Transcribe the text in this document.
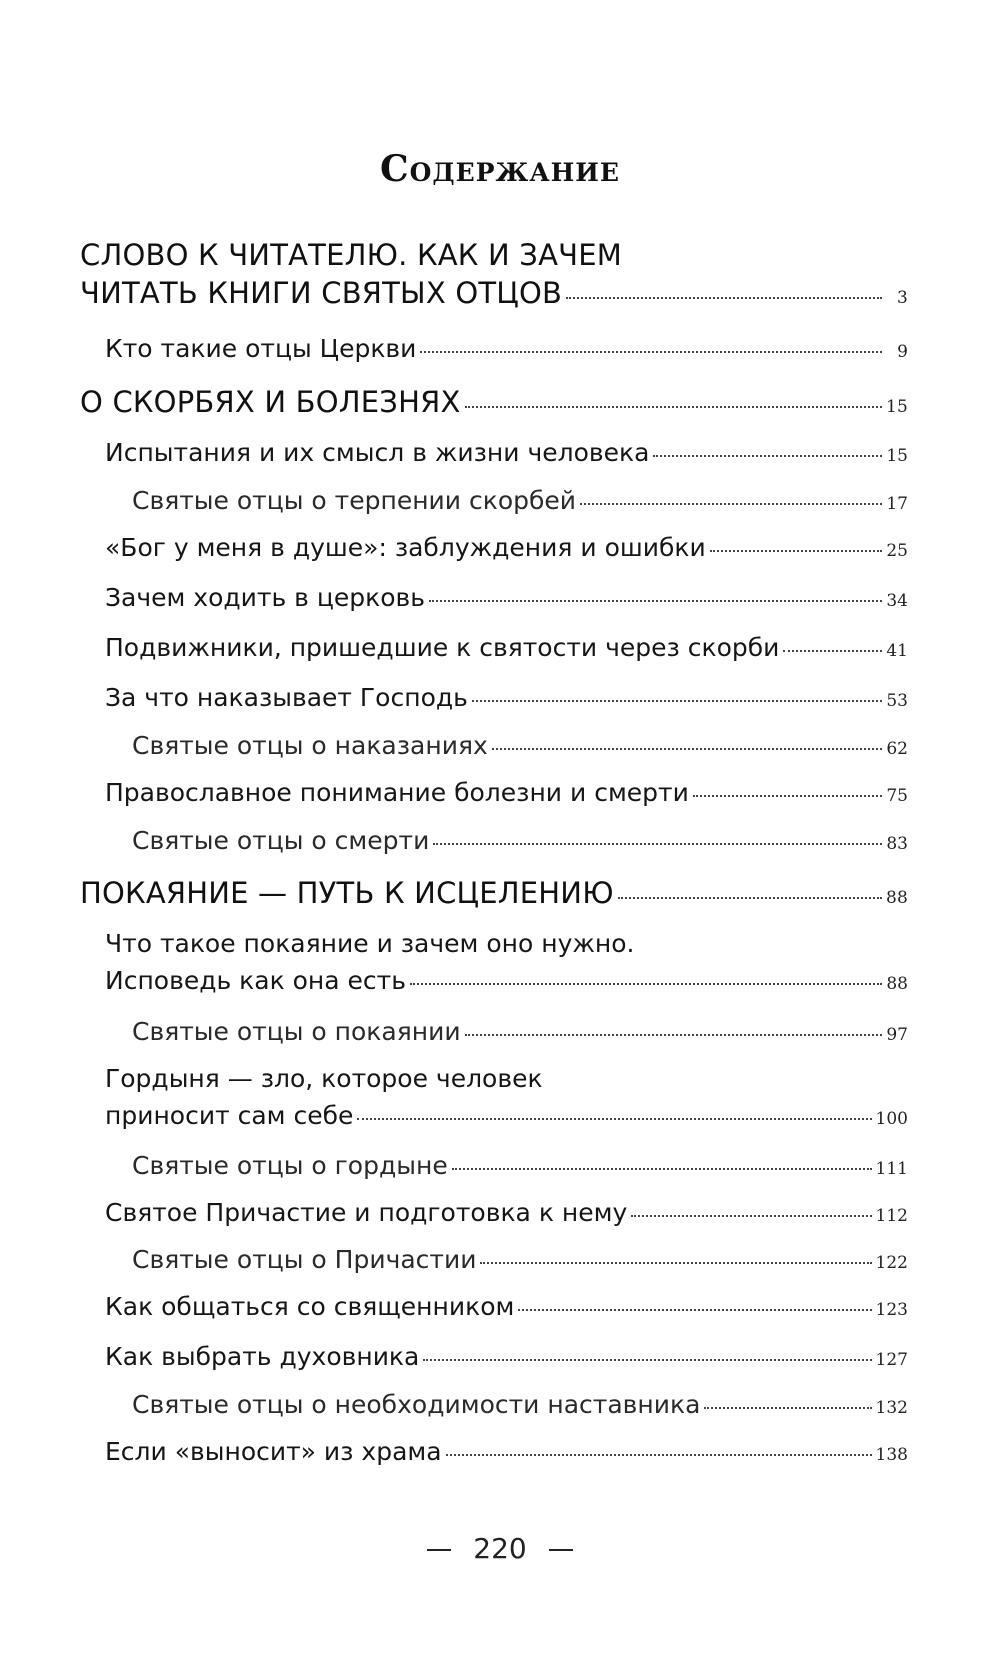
Содержание
СЛОВО К ЧИТАТЕЛЮ. КАК И ЗАЧЕМ
ЧИТАТЬ КНИГИ СВЯТЫХ ОТЦОВ	3
Кто такие отцы Церкви	9
О СКОРБЯХ И БОЛЕЗНЯХ	15
Испытания и их смысл в жизни человека	15
Святые отцы о терпении скорбей	17
«Бог у меня в душе»: заблуждения и ошибки	25
Зачем ходить в церковь	34
Подвижники, пришедшие к святости через скорби	41
За что наказывает Господь	53
Святые отцы о наказаниях	62
Православное понимание болезни и смерти	75
Святые отцы о смерти	83
ПОКАЯНИЕ — ПУТЬ К ИСЦЕЛЕНИЮ	88
Что такое покаяние и зачем оно нужно.
Исповедь как она есть	88
Святые отцы о покаянии	97
Гордыня — зло, которое человек
приносит сам себе	100
Святые отцы о гордыне	111
Святое Причастие и подготовка к нему	112
Святые отцы о Причастии	122
Как общаться со священником	123
Как выбрать духовника	127
Святые отцы о необходимости наставника	132
Если «выносит» из храма	138
220
